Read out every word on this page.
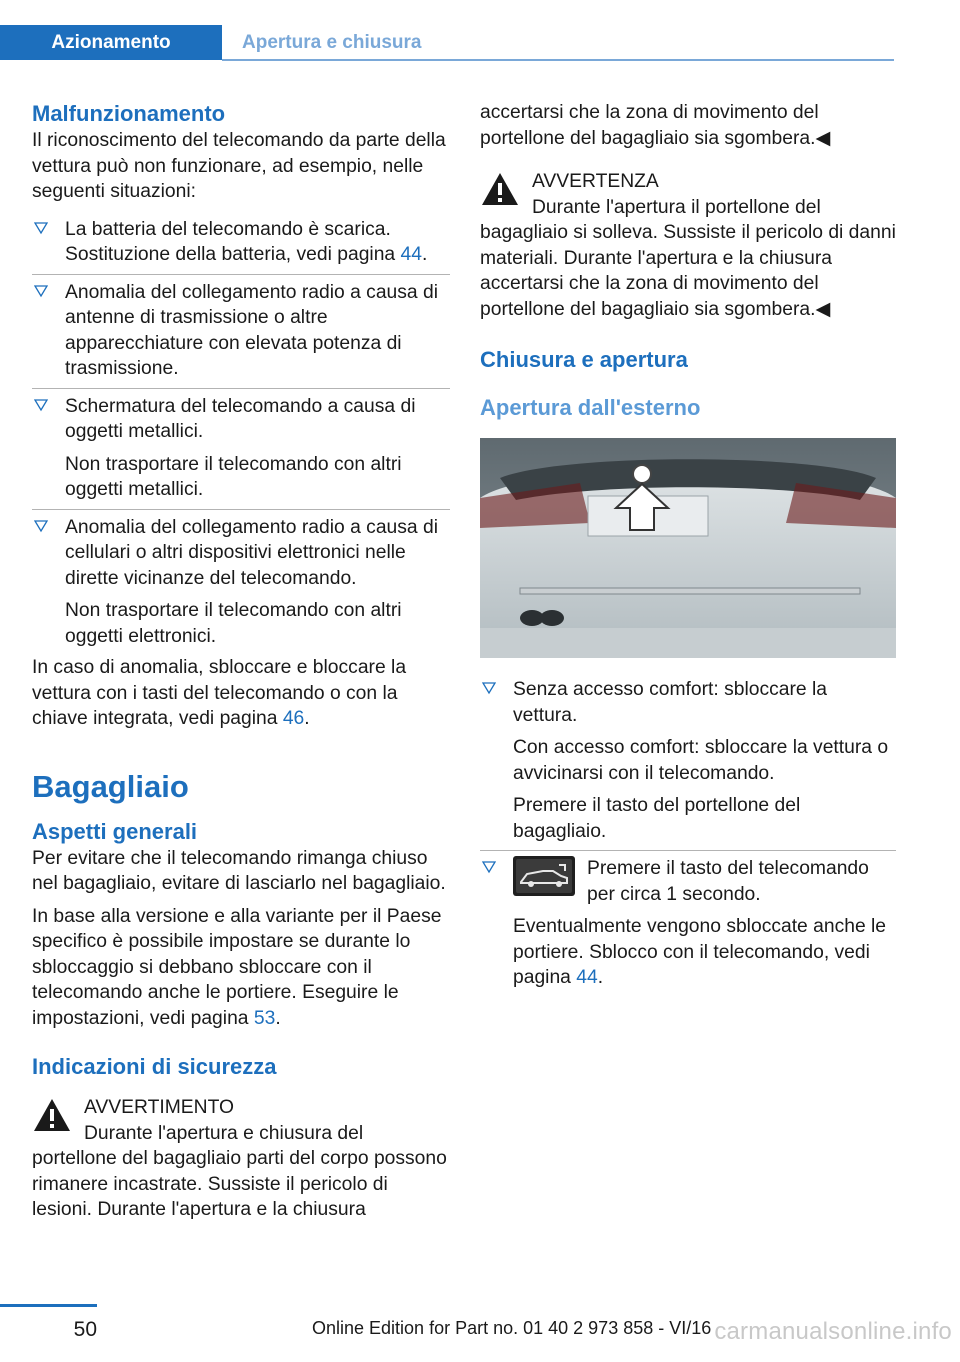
Azionamento	Apertura e chiusura
Malfunzionamento

Il riconoscimento del telecomando da parte della vettura può non funzionare, ad esempio, nelle seguenti situazioni:

La batteria del telecomando è scarica. Sostituzione della batteria, vedi pagina 44.

Anomalia del collegamento radio a causa di antenne di trasmissione o altre apparecchiature con elevata potenza di trasmissione.

Schermatura del telecomando a causa di oggetti metallici.

Non trasportare il telecomando con altri oggetti metallici.

Anomalia del collegamento radio a causa di cellulari o altri dispositivi elettronici nelle dirette vicinanze del telecomando.

Non trasportare il telecomando con altri oggetti elettronici.

In caso di anomalia, sbloccare e bloccare la vettura con i tasti del telecomando o con la chiave integrata, vedi pagina 46.

Bagagliaio
Aspetti generali

Per evitare che il telecomando rimanga chiuso nel bagagliaio, evitare di lasciarlo nel bagagliaio.

In base alla versione e alla variante per il Paese specifico è possibile impostare se durante lo sbloccaggio si debbano sbloccare con il telecomando anche le portiere. Eseguire le impostazioni, vedi pagina 53.

Indicazioni di sicurezza

AVVERTIMENTO

Durante l'apertura e chiusura del portellone del bagagliaio parti del corpo possono rimanere incastrate. Sussiste il pericolo di lesioni. Durante l'apertura e la chiusura

accertarsi che la zona di movimento del portellone del bagagliaio sia sgombera.◀

AVVERTENZA

Durante l'apertura il portellone del bagagliaio si solleva. Sussiste il pericolo di danni materiali. Durante l'apertura e la chiusura accertarsi che la zona di movimento del portellone del bagagliaio sia sgombera.◀

Chiusura e apertura
Apertura dall'esterno

Senza accesso comfort: sbloccare la vettura.

Con accesso comfort: sbloccare la vettura o avvicinarsi con il telecomando.

Premere il tasto del portellone del bagagliaio.

Premere il tasto del telecomando per circa 1 secondo.

Eventualmente vengono sbloccate anche le portiere. Sblocco con il telecomando, vedi pagina 44.

50	Online Edition for Part no. 01 40 2 973 858 - VI/16 carmanualsonline.info
